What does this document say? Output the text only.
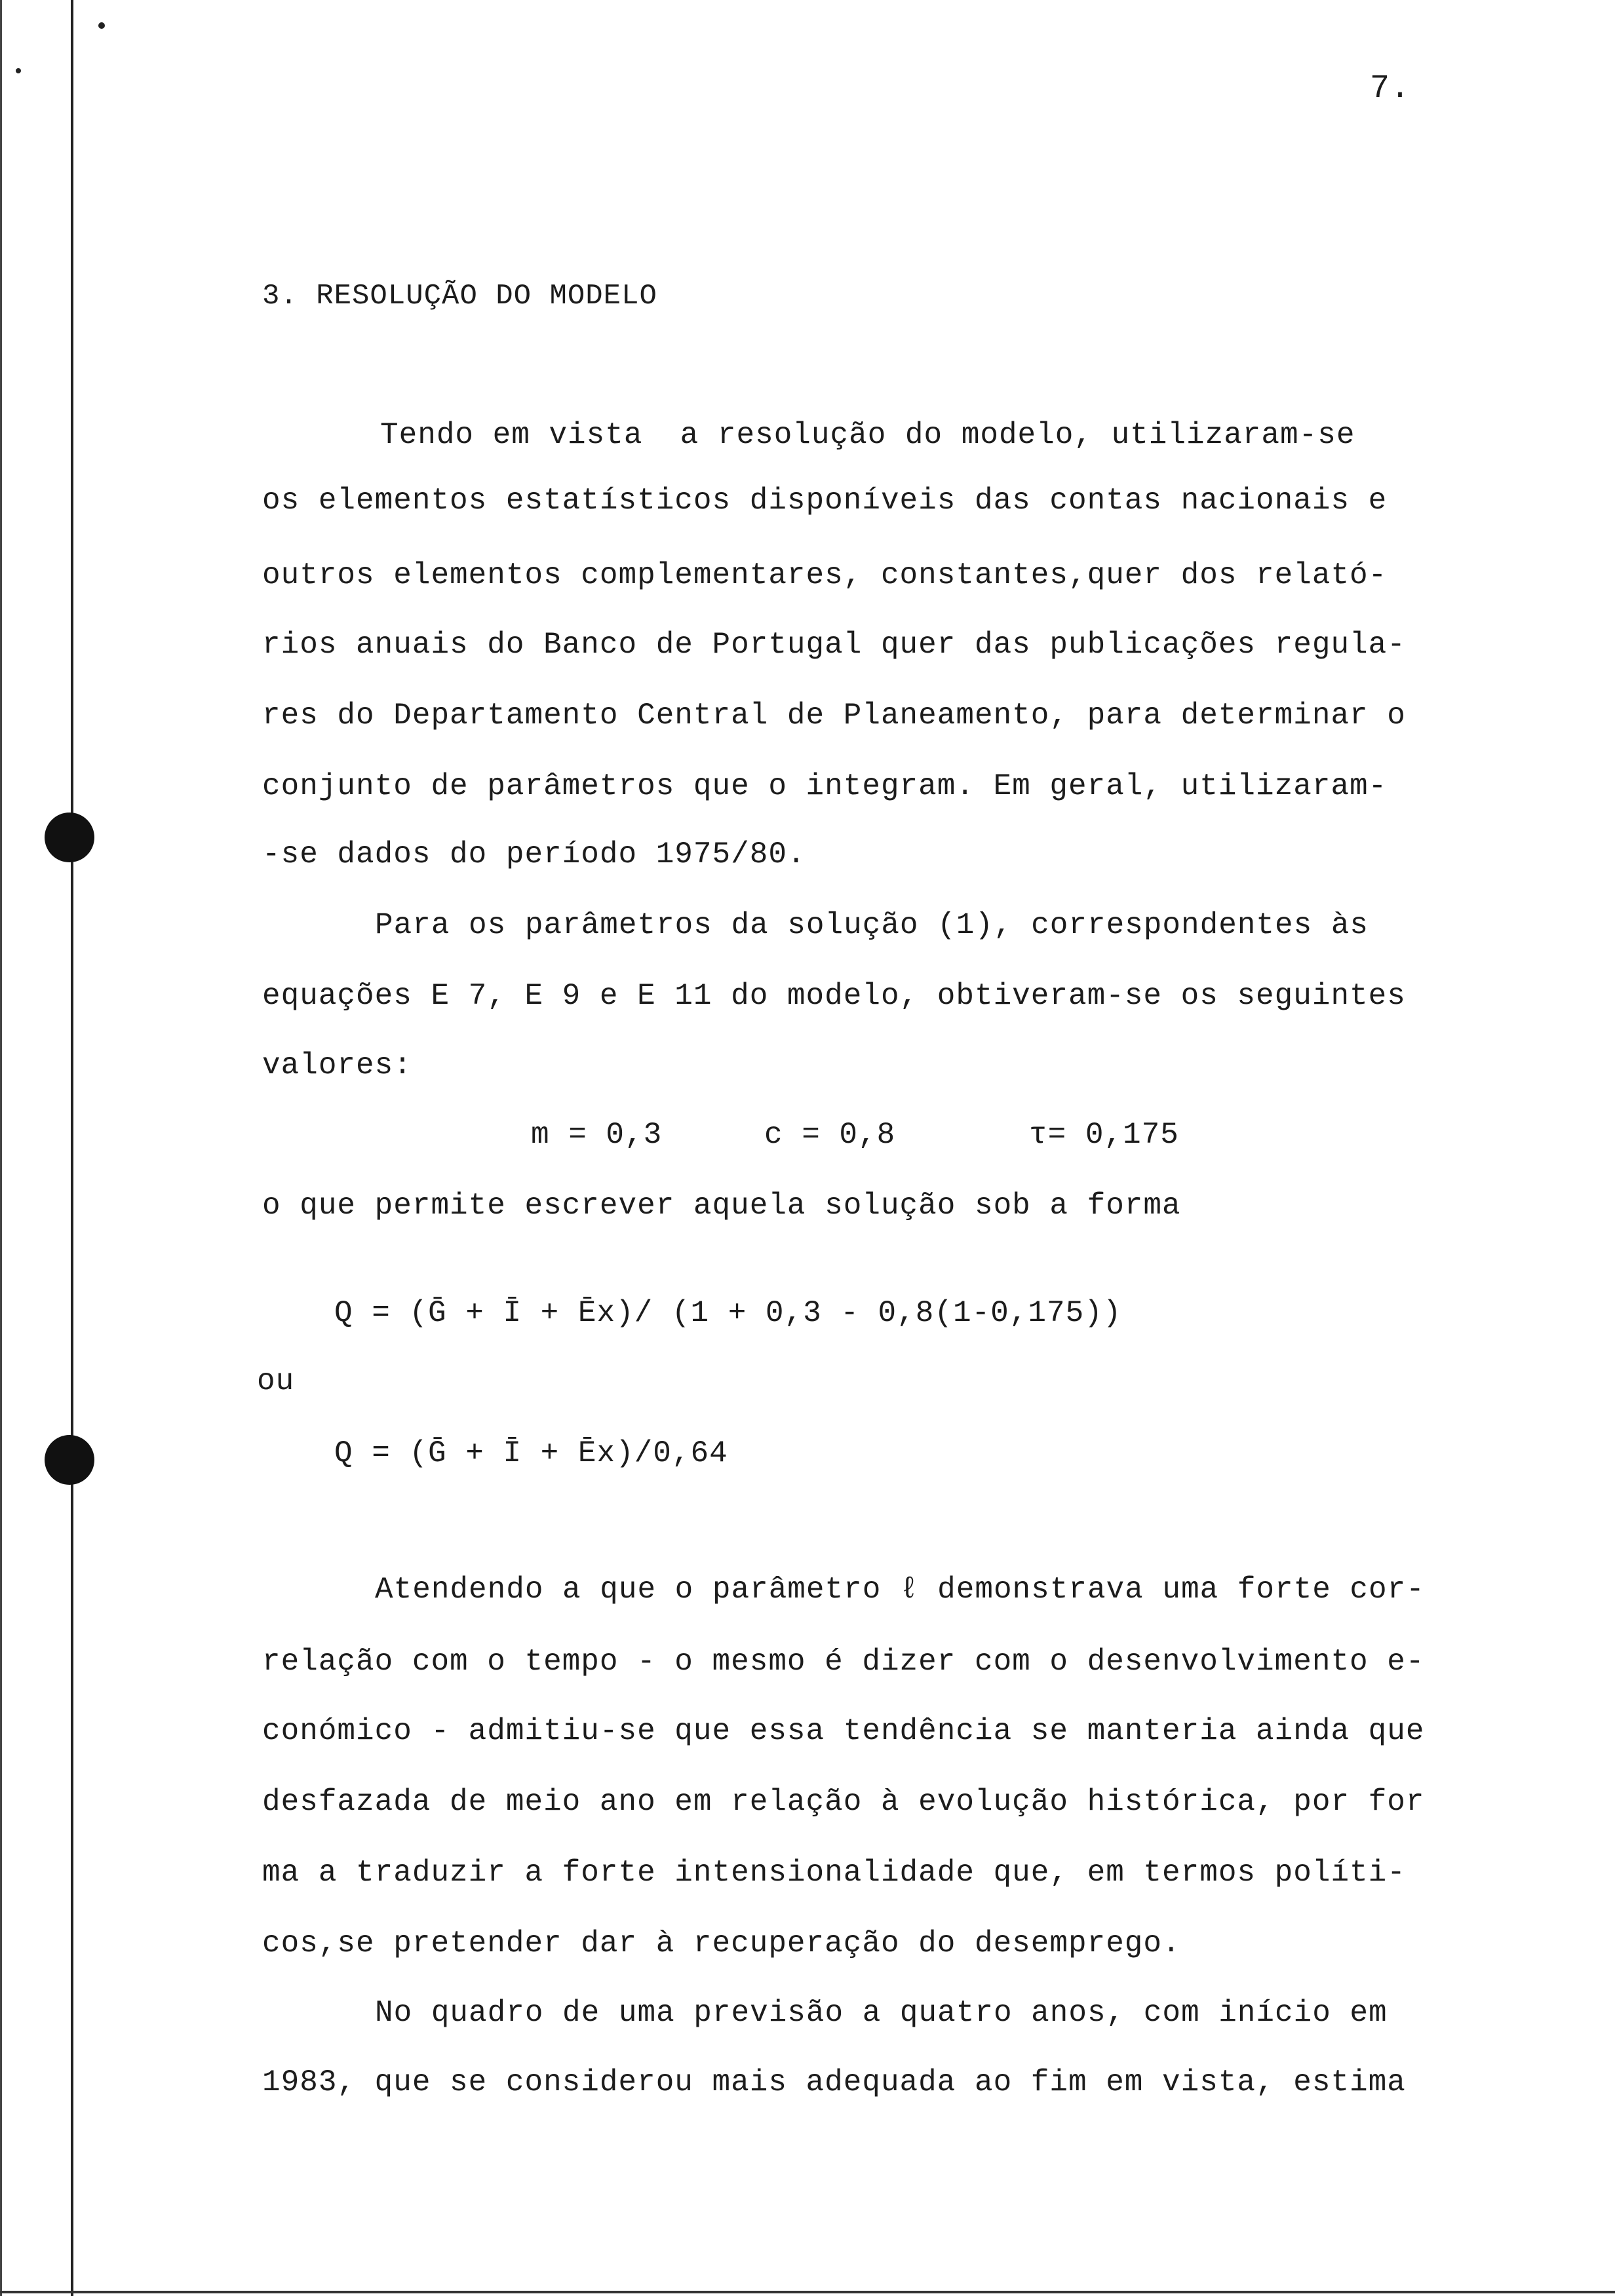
7.
3. RESOLUÇÃO DO MODELO
Tendo em vista  a resolução do modelo, utilizaram-se
os elementos estatísticos disponíveis das contas nacionais e
outros elementos complementares, constantes,quer dos relató-
rios anuais do Banco de Portugal quer das publicações regula-
res do Departamento Central de Planeamento, para determinar o
conjunto de parâmetros que o integram. Em geral, utilizaram-
-se dados do período 1975/80.
Para os parâmetros da solução (1), correspondentes às
equações E 7, E 9 e E 11 do modelo, obtiveram-se os seguintes
valores:
m = 0,3	c = 0,8	τ= 0,175
o que permite escrever aquela solução sob a forma
Q = (Ḡ + Ī + Ēx)/ (1 + 0,3 - 0,8(1-0,175))
ou
Q = (Ḡ + Ī + Ēx)/0,64
Atendendo a que o parâmetro ℓ demonstrava uma forte cor-
relação com o tempo - o mesmo é dizer com o desenvolvimento e-
conómico - admitiu-se que essa tendência se manteria ainda que
desfazada de meio ano em relação à evolução histórica, por for
ma a traduzir a forte intensionalidade que, em termos políti-
cos,se pretender dar à recuperação do desemprego.
No quadro de uma previsão a quatro anos, com início em
1983, que se considerou mais adequada ao fim em vista, estima
